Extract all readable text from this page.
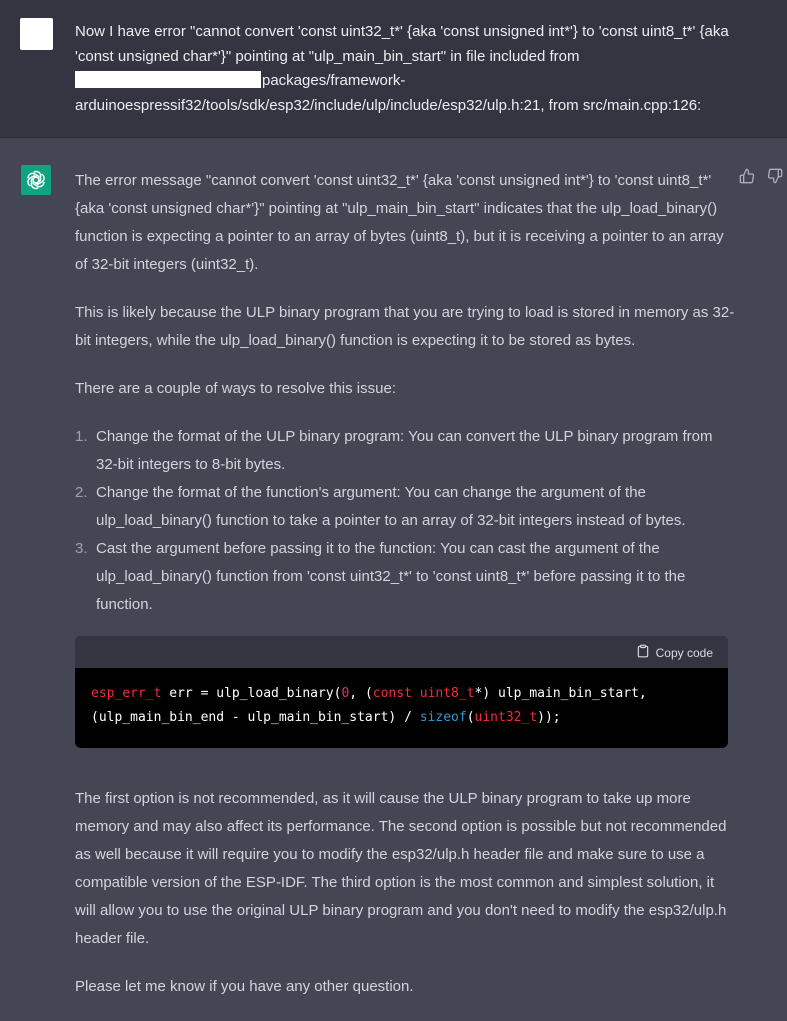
Now I have error "cannot convert 'const uint32_t*' {aka 'const unsigned int*'} to 'const uint8_t*' {aka 'const unsigned char*'}" pointing at "ulp_main_bin_start" in file included from
packages/framework-arduinoespressif32/tools/sdk/esp32/include/ulp/include/esp32/ulp.h:21, from src/main.cpp:126:

The error message "cannot convert 'const uint32_t*' {aka 'const unsigned int*'} to 'const uint8_t*' {aka 'const unsigned char*'}" pointing at "ulp_main_bin_start" indicates that the ulp_load_binary() function is expecting a pointer to an array of bytes (uint8_t), but it is receiving a pointer to an array of 32-bit integers (uint32_t).

This is likely because the ULP binary program that you are trying to load is stored in memory as 32-bit integers, while the ulp_load_binary() function is expecting it to be stored as bytes.

There are a couple of ways to resolve this issue:

1. Change the format of the ULP binary program: You can convert the ULP binary program from 32-bit integers to 8-bit bytes.
2. Change the format of the function's argument: You can change the argument of the ulp_load_binary() function to take a pointer to an array of 32-bit integers instead of bytes.
3. Cast the argument before passing it to the function: You can cast the argument of the ulp_load_binary() function from 'const uint32_t*' to 'const uint8_t*' before passing it to the function.
Copy code
esp_err_t err = ulp_load_binary(0, (const uint8_t*) ulp_main_bin_start,
(ulp_main_bin_end - ulp_main_bin_start) / sizeof(uint32_t));

The first option is not recommended, as it will cause the ULP binary program to take up more memory and may also affect its performance. The second option is possible but not recommended as well because it will require you to modify the esp32/ulp.h header file and make sure to use a compatible version of the ESP-IDF. The third option is the most common and simplest solution, it will allow you to use the original ULP binary program and you don't need to modify the esp32/ulp.h header file.

Please let me know if you have any other question.
